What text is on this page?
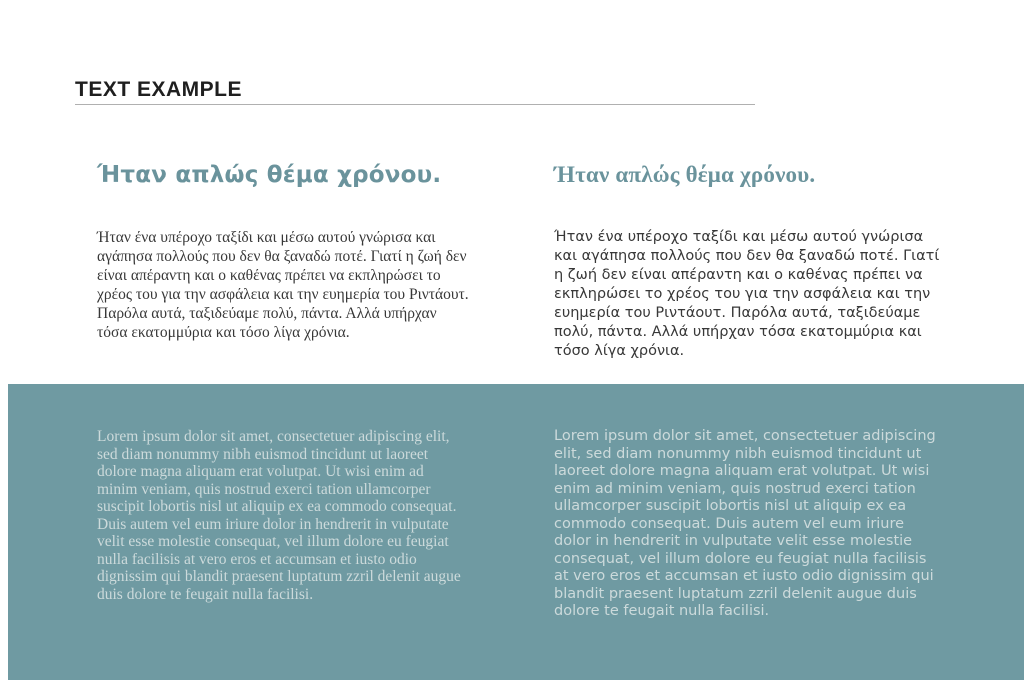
TEXT EXAMPLE
Ήταν απλώς θέμα χρόνου.

Ήταν ένα υπέροχο ταξίδι και μέσω αυτού γνώρισα και αγάπησα πολλούς που δεν θα ξαναδώ ποτέ. Γιατί η ζωή δεν είναι απέραντη και ο καθένας πρέπει να εκπληρώσει το χρέος του για την ασφάλεια και την ευημερία του Ριντάουτ. Παρόλα αυτά, ταξιδεύαμε πολύ, πάντα. Αλλά υπήρχαν τόσα εκατομμύρια και τόσο λίγα χρόνια.

Ήταν απλώς θέμα χρόνου.

Ήταν ένα υπέροχο ταξίδι και μέσω αυτού γνώρισα και αγάπησα πολλούς που δεν θα ξαναδώ ποτέ. Γιατί η ζωή δεν είναι απέραντη και ο καθένας πρέπει να εκπληρώσει το χρέος του για την ασφάλεια και την ευημερία του Ριντάουτ. Παρόλα αυτά, ταξιδεύαμε πολύ, πάντα. Αλλά υπήρχαν τόσα εκατομμύρια και τόσο λίγα χρόνια.

Lorem ipsum dolor sit amet, consectetuer adipiscing elit, sed diam nonummy nibh euismod tincidunt ut laoreet dolore magna aliquam erat volutpat. Ut wisi enim ad minim veniam, quis nostrud exerci tation ullamcorper suscipit lobortis nisl ut aliquip ex ea commodo consequat. Duis autem vel eum iriure dolor in hendrerit in vulputate velit esse molestie consequat, vel illum dolore eu feugiat nulla facilisis at vero eros et accumsan et iusto odio dignissim qui blandit praesent luptatum zzril delenit augue duis dolore te feugait nulla facilisi.

Lorem ipsum dolor sit amet, consectetuer adipiscing elit, sed diam nonummy nibh euismod tincidunt ut laoreet dolore magna aliquam erat volutpat. Ut wisi enim ad minim veniam, quis nostrud exerci tation ullamcorper suscipit lobortis nisl ut aliquip ex ea commodo consequat. Duis autem vel eum iriure dolor in hendrerit in vulputate velit esse molestie consequat, vel illum dolore eu feugiat nulla facilisis at vero eros et accumsan et iusto odio dignissim qui blandit praesent luptatum zzril delenit augue duis dolore te feugait nulla facilisi.
